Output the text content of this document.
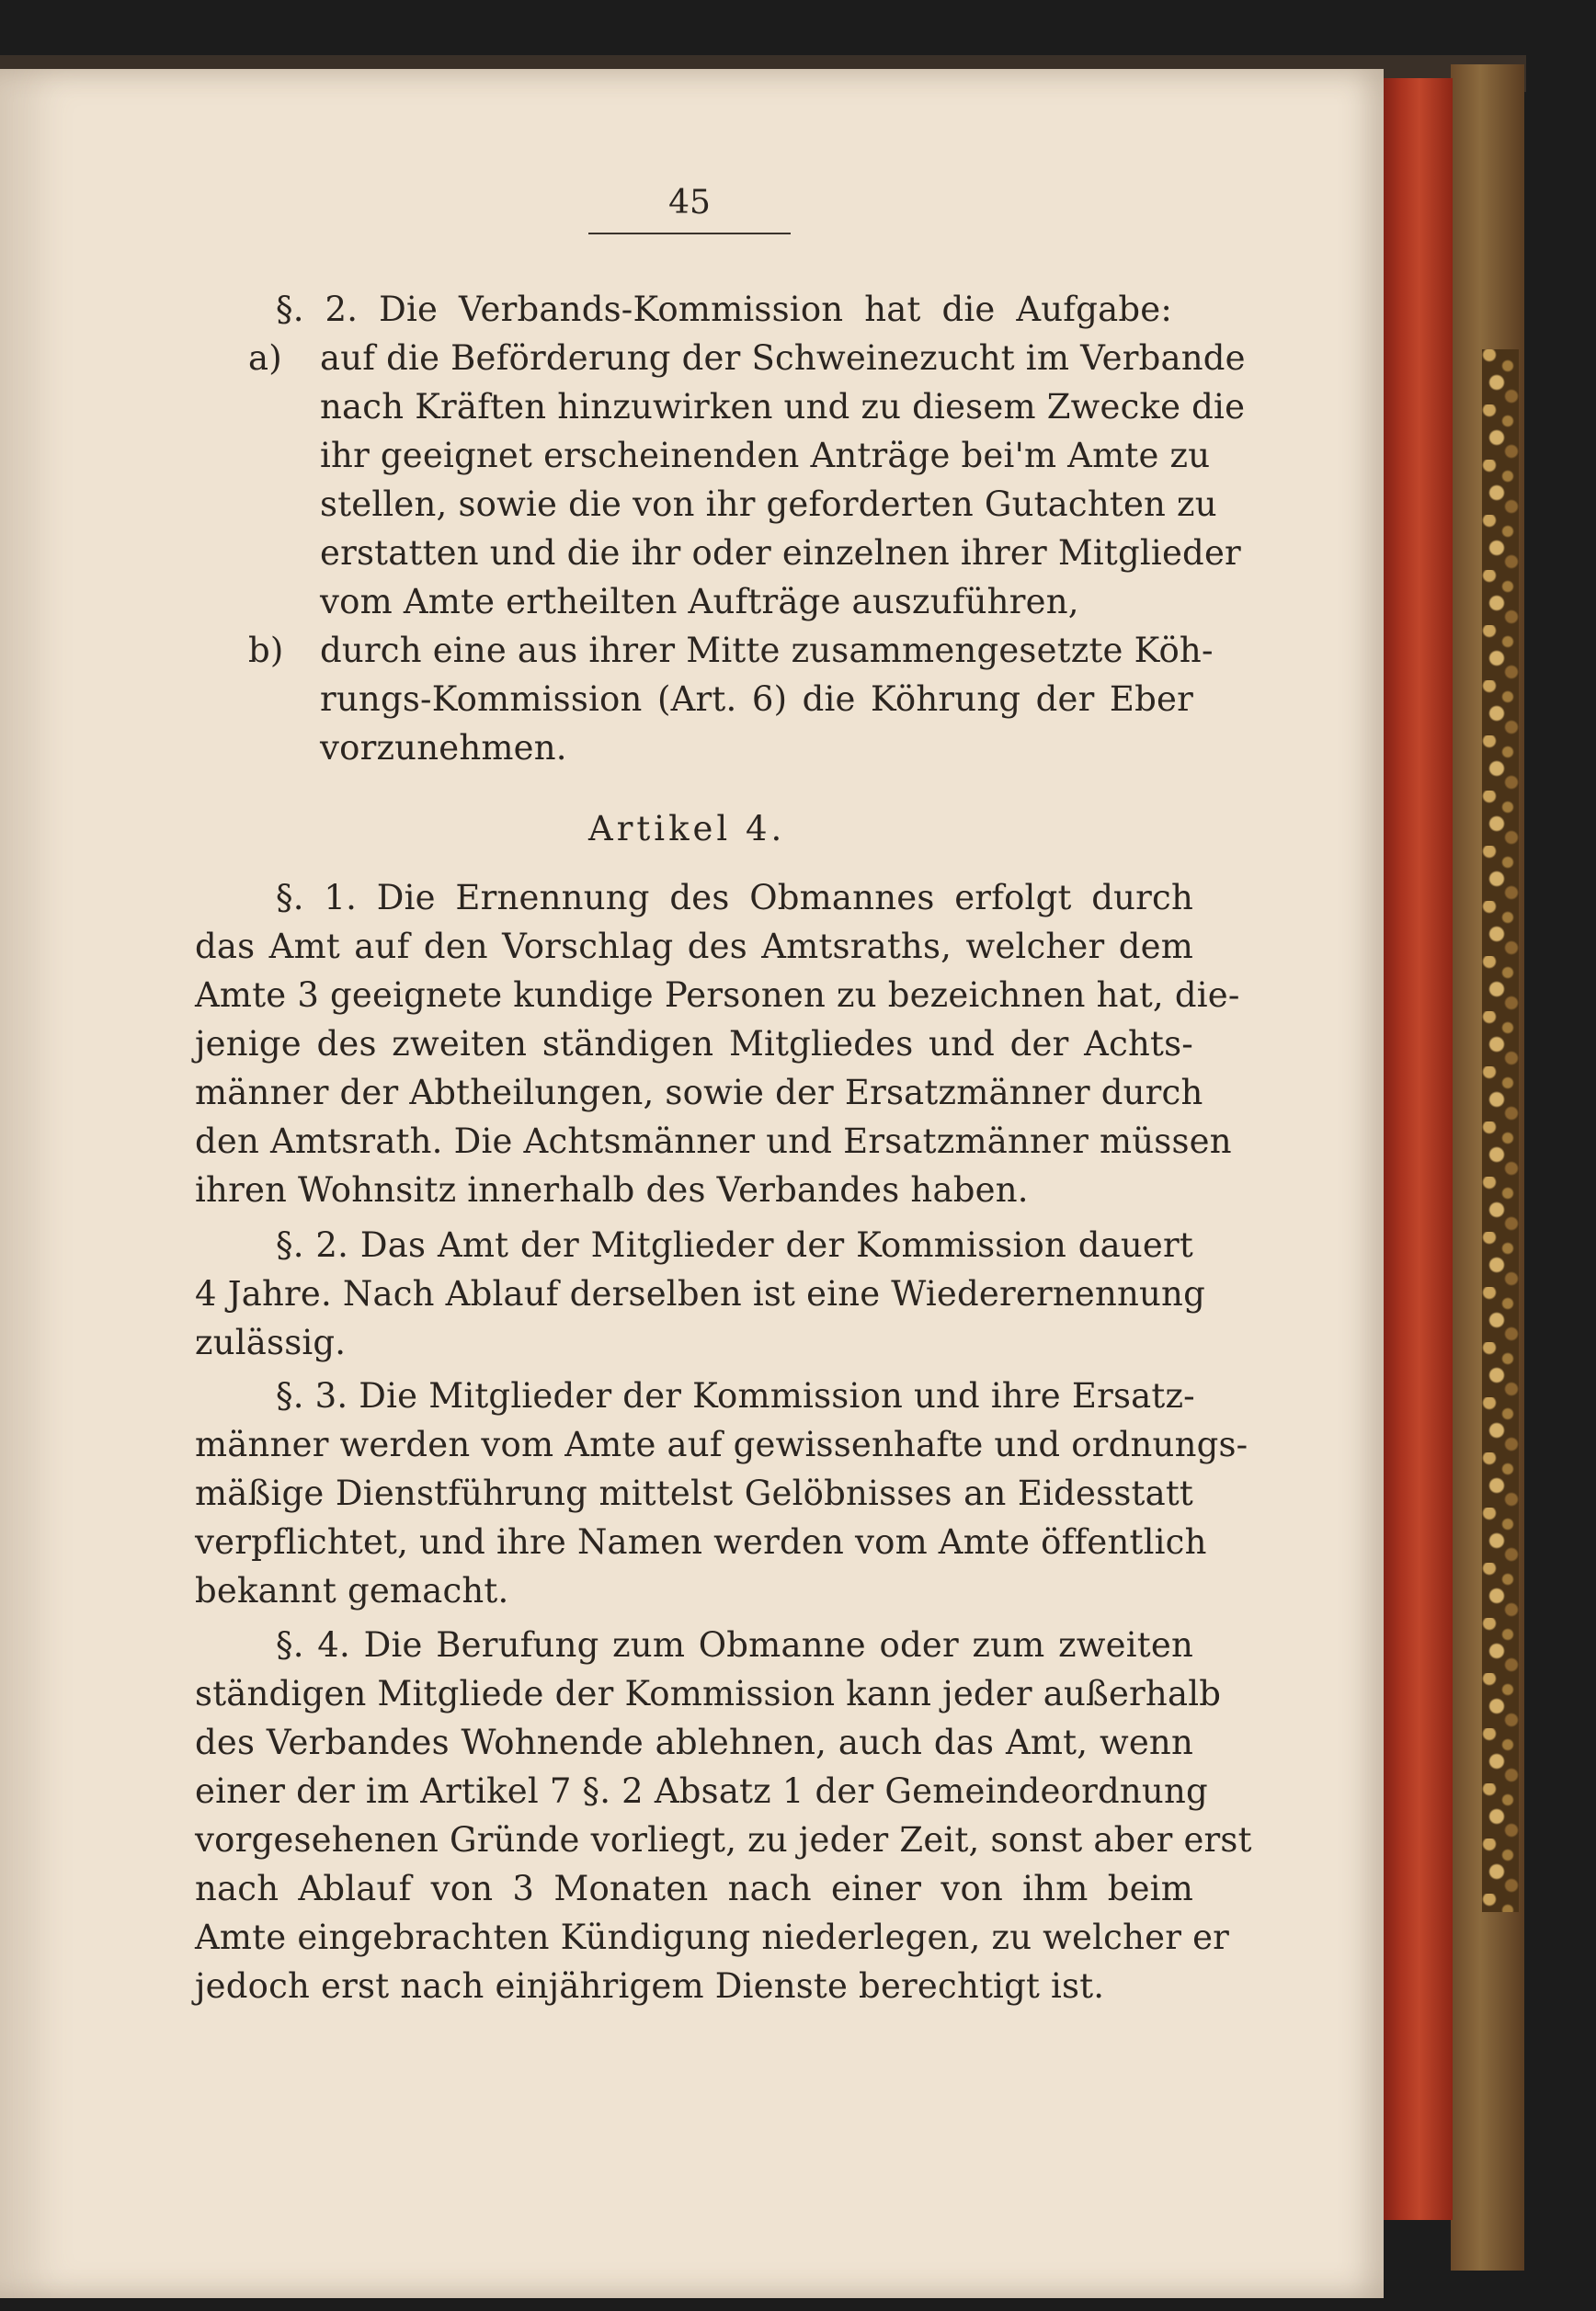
45
§. 2. Die Verbands-Kommission hat die Aufgabe:
a) auf die Beförderung der Schweinezucht im Verbande
nach Kräften hinzuwirken und zu diesem Zwecke die
ihr geeignet erscheinenden Anträge bei'm Amte zu
stellen, sowie die von ihr geforderten Gutachten zu
erstatten und die ihr oder einzelnen ihrer Mitglieder
vom Amte ertheilten Aufträge auszuführen,
b) durch eine aus ihrer Mitte zusammengesetzte Köh-
rungs-Kommission (Art. 6) die Köhrung der Eber
vorzunehmen.
Artikel 4.
§. 1. Die Ernennung des Obmannes erfolgt durch
das Amt auf den Vorschlag des Amtsraths, welcher dem
Amte 3 geeignete kundige Personen zu bezeichnen hat, die-
jenige des zweiten ständigen Mitgliedes und der Achts-
männer der Abtheilungen, sowie der Ersatzmänner durch
den Amtsrath. Die Achtsmänner und Ersatzmänner müssen
ihren Wohnsitz innerhalb des Verbandes haben.
§. 2. Das Amt der Mitglieder der Kommission dauert
4 Jahre. Nach Ablauf derselben ist eine Wiederernennung
zulässig.
§. 3. Die Mitglieder der Kommission und ihre Ersatz-
männer werden vom Amte auf gewissenhafte und ordnungs-
mäßige Dienstführung mittelst Gelöbnisses an Eidesstatt
verpflichtet, und ihre Namen werden vom Amte öffentlich
bekannt gemacht.
§. 4. Die Berufung zum Obmanne oder zum zweiten
ständigen Mitgliede der Kommission kann jeder außerhalb
des Verbandes Wohnende ablehnen, auch das Amt, wenn
einer der im Artikel 7 §. 2 Absatz 1 der Gemeindeordnung
vorgesehenen Gründe vorliegt, zu jeder Zeit, sonst aber erst
nach Ablauf von 3 Monaten nach einer von ihm beim
Amte eingebrachten Kündigung niederlegen, zu welcher er
jedoch erst nach einjährigem Dienste berechtigt ist.
